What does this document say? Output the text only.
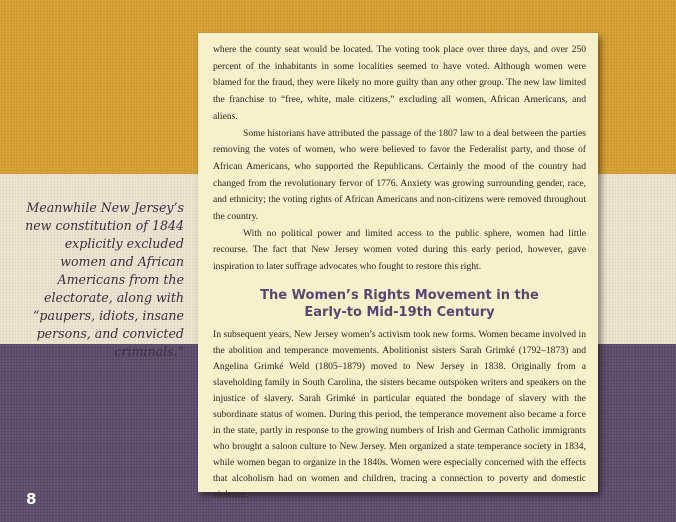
Meanwhile New Jersey’s new constitution of 1844 explicitly excluded women and African Americans from the electorate, along with “paupers, idiots, insane persons, and convicted criminals.”
8

where the county seat would be located. The voting took place over three days, and over 250 percent of the inhabitants in some localities seemed to have voted. Although women were blamed for the fraud, they were likely no more guilty than any other group. The new law limited the franchise to “free, white, male citizens,” excluding all women, African Americans, and aliens.

Some historians have attributed the passage of the 1807 law to a deal between the parties removing the votes of women, who were believed to favor the Federalist party, and those of African Americans, who supported the Republicans. Certainly the mood of the country had changed from the revolutionary fervor of 1776. Anxiety was growing surrounding gender, race, and ethnicity; the voting rights of African Americans and non-citizens were removed throughout the country.

With no political power and limited access to the public sphere, women had little recourse. The fact that New Jersey women voted during this early period, however, gave inspiration to later suffrage advocates who fought to restore this right.

The Women’s Rights Movement in the
Early-to Mid-19th Century

In subsequent years, New Jersey women’s activism took new forms. Women became involved in the abolition and temperance movements. Abolitionist sisters Sarah Grimké (1792–1873) and Angelina Grimké Weld (1805–1879) moved to New Jersey in 1838. Originally from a slaveholding family in South Carolina, the sisters became outspoken writers and speakers on the injustice of slavery. Sarah Grimké in particular equated the bondage of slavery with the subordinate status of women. During this period, the temperance movement also became a force in the state, partly in response to the growing numbers of Irish and German Catholic immigrants who brought a saloon culture to New Jersey. Men organized a state temperance society in 1834, while women began to organize in the 1840s. Women were especially concerned with the effects that alcoholism had on women and children, tracing a connection to poverty and domestic violence.
